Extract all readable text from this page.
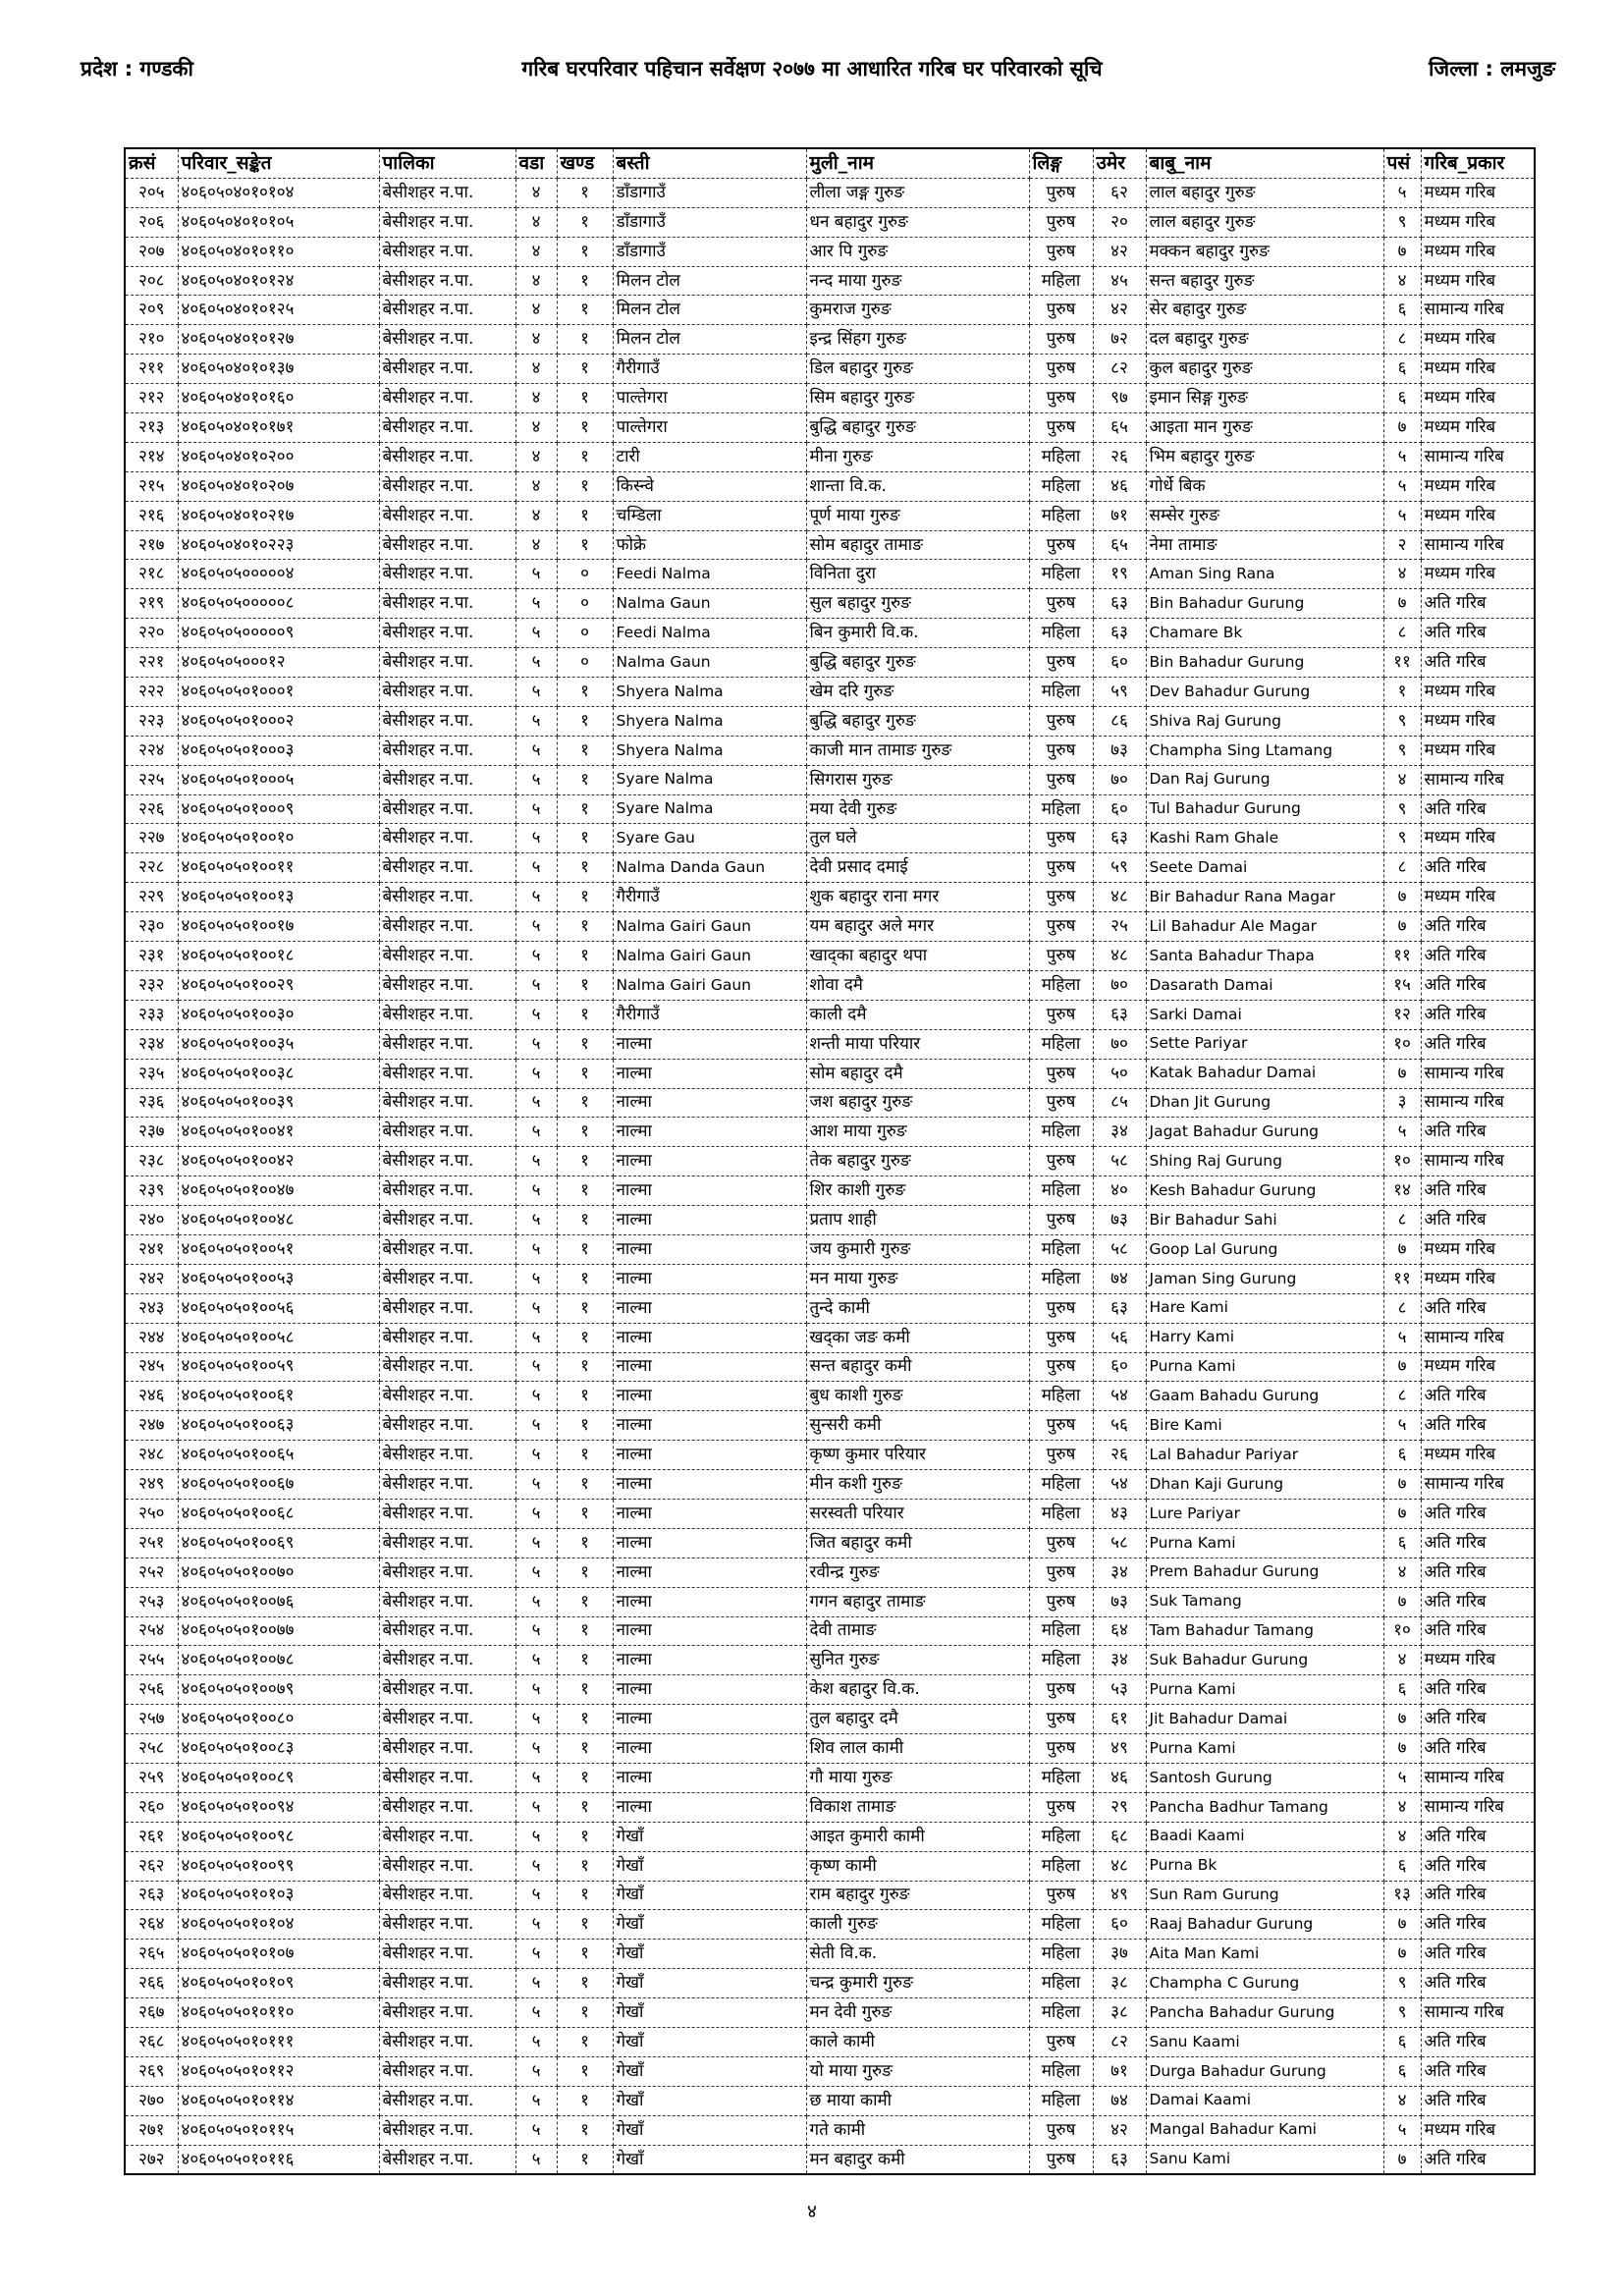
प्रदेश : गण्डकी	गरिब घरपरिवार पहिचान सर्वेक्षण २०७७ मा आधारित गरिब घर परिवारको सूचि	जिल्ला : लमजुङ
क्रसं	परिवार_सङ्केत	पालिका	वडा	खण्ड	बस्ती	मुली_नाम	लिङ्ग	उमेर	बाबु_नाम	पसं	गरिब_प्रकार
२०५	४०६०५०४०१०१०४	बेसीशहर न.पा.	४	१	डाँडागाउँ	लीला जङ्ग गुरुङ	पुरुष	६२	लाल बहादुर गुरुङ	५	मध्यम गरिब
२०६	४०६०५०४०१०१०५	बेसीशहर न.पा.	४	१	डाँडागाउँ	धन बहादुर गुरुङ	पुरुष	२०	लाल बहादुर गुरुङ	९	मध्यम गरिब
२०७	४०६०५०४०१०११०	बेसीशहर न.पा.	४	१	डाँडागाउँ	आर पि गुरुङ	पुरुष	४२	मक्कन बहादुर गुरुङ	७	मध्यम गरिब
२०८	४०६०५०४०१०१२४	बेसीशहर न.पा.	४	१	मिलन टोल	नन्द माया गुरुङ	महिला	४५	सन्त बहादुर गुरुङ	४	मध्यम गरिब
२०९	४०६०५०४०१०१२५	बेसीशहर न.पा.	४	१	मिलन टोल	कुमराज गुरुङ	पुरुष	४२	सेर बहादुर गुरुङ	६	सामान्य गरिब
२१०	४०६०५०४०१०१२७	बेसीशहर न.पा.	४	१	मिलन टोल	इन्द्र सिंहग गुरुङ	पुरुष	७२	दल बहादुर गुरुङ	८	मध्यम गरिब
२११	४०६०५०४०१०१३७	बेसीशहर न.पा.	४	१	गैरीगाउँ	डिल बहादुर गुरुङ	पुरुष	८२	कुल बहादुर गुरुङ	६	मध्यम गरिब
२१२	४०६०५०४०१०१६०	बेसीशहर न.पा.	४	१	पाल्तेगरा	सिम बहादुर गुरुङ	पुरुष	९७	इमान सिङ्ग गुरुङ	६	मध्यम गरिब
२१३	४०६०५०४०१०१७१	बेसीशहर न.पा.	४	१	पाल्तेगरा	बुद्धि बहादुर गुरुङ	पुरुष	६५	आइता मान गुरुङ	७	मध्यम गरिब
२१४	४०६०५०४०१०२००	बेसीशहर न.पा.	४	१	टारी	मीना गुरुङ	महिला	२६	भिम बहादुर गुरुङ	५	सामान्य गरिब
२१५	४०६०५०४०१०२०७	बेसीशहर न.पा.	४	१	किस्न्वे	शान्ता वि.क.	महिला	४६	गोर्धे बिक	५	मध्यम गरिब
२१६	४०६०५०४०१०२१७	बेसीशहर न.पा.	४	१	चम्डिला	पूर्ण माया गुरुङ	महिला	७१	सम्सेर गुरुङ	५	मध्यम गरिब
२१७	४०६०५०४०१०२२३	बेसीशहर न.पा.	४	१	फोक्रे	सोम बहादुर तामाङ	पुरुष	६५	नेमा तामाङ	२	सामान्य गरिब
२१८	४०६०५०५०००००४	बेसीशहर न.पा.	५	०	Feedi Nalma	विनिता दुरा	महिला	१९	Aman Sing Rana	४	मध्यम गरिब
२१९	४०६०५०५०००००८	बेसीशहर न.पा.	५	०	Nalma Gaun	सुल बहादुर गुरुङ	पुरुष	६३	Bin Bahadur Gurung	७	अति गरिब
२२०	४०६०५०५०००००९	बेसीशहर न.पा.	५	०	Feedi Nalma	बिन कुमारी वि.क.	महिला	६३	Chamare Bk	८	अति गरिब
२२१	४०६०५०५०००१२	बेसीशहर न.पा.	५	०	Nalma Gaun	बुद्धि बहादुर गुरुङ	पुरुष	६०	Bin Bahadur Gurung	११	अति गरिब
२२२	४०६०५०५०१०००१	बेसीशहर न.पा.	५	१	Shyera Nalma	खेम दरि गुरुङ	महिला	५९	Dev Bahadur Gurung	१	मध्यम गरिब
२२३	४०६०५०५०१०००२	बेसीशहर न.पा.	५	१	Shyera Nalma	बुद्धि बहादुर गुरुङ	पुरुष	८६	Shiva Raj Gurung	९	मध्यम गरिब
२२४	४०६०५०५०१०००३	बेसीशहर न.पा.	५	१	Shyera Nalma	काजी मान तामाङ गुरुङ	पुरुष	७३	Champha Sing Ltamang	९	मध्यम गरिब
२२५	४०६०५०५०१०००५	बेसीशहर न.पा.	५	१	Syare Nalma	सिगरास गुरुङ	पुरुष	७०	Dan Raj Gurung	४	सामान्य गरिब
२२६	४०६०५०५०१०००९	बेसीशहर न.पा.	५	१	Syare Nalma	मया देवी गुरुङ	महिला	६०	Tul Bahadur Gurung	९	अति गरिब
२२७	४०६०५०५०१००१०	बेसीशहर न.पा.	५	१	Syare Gau	तुल घले	पुरुष	६३	Kashi Ram Ghale	९	मध्यम गरिब
२२८	४०६०५०५०१००११	बेसीशहर न.पा.	५	१	Nalma Danda Gaun	देवी प्रसाद दमाई	पुरुष	५९	Seete Damai	८	अति गरिब
२२९	४०६०५०५०१००१३	बेसीशहर न.पा.	५	१	गैरीगाउँ	शुक बहादुर राना मगर	पुरुष	४८	Bir Bahadur Rana Magar	७	मध्यम गरिब
२३०	४०६०५०५०१००१७	बेसीशहर न.पा.	५	१	Nalma Gairi Gaun	यम बहादुर अले मगर	पुरुष	२५	Lil Bahadur Ale Magar	७	अति गरिब
२३१	४०६०५०५०१००१८	बेसीशहर न.पा.	५	१	Nalma Gairi Gaun	खाद्का बहादुर थपा	पुरुष	४८	Santa Bahadur Thapa	११	अति गरिब
२३२	४०६०५०५०१००२९	बेसीशहर न.पा.	५	१	Nalma Gairi Gaun	शोवा दमै	महिला	७०	Dasarath Damai	१५	अति गरिब
२३३	४०६०५०५०१००३०	बेसीशहर न.पा.	५	१	गैरीगाउँ	काली दमै	पुरुष	६३	Sarki Damai	१२	अति गरिब
२३४	४०६०५०५०१००३५	बेसीशहर न.पा.	५	१	नाल्मा	शन्ती माया परियार	महिला	७०	Sette Pariyar	१०	अति गरिब
२३५	४०६०५०५०१००३८	बेसीशहर न.पा.	५	१	नाल्मा	सोम बहादुर दमै	पुरुष	५०	Katak Bahadur Damai	७	सामान्य गरिब
२३६	४०६०५०५०१००३९	बेसीशहर न.पा.	५	१	नाल्मा	जश बहादुर गुरुङ	पुरुष	८५	Dhan Jit Gurung	३	सामान्य गरिब
२३७	४०६०५०५०१००४१	बेसीशहर न.पा.	५	१	नाल्मा	आश माया गुरुङ	महिला	३४	Jagat Bahadur Gurung	५	अति गरिब
२३८	४०६०५०५०१००४२	बेसीशहर न.पा.	५	१	नाल्मा	तेक बहादुर गुरुङ	पुरुष	५८	Shing Raj Gurung	१०	सामान्य गरिब
२३९	४०६०५०५०१००४७	बेसीशहर न.पा.	५	१	नाल्मा	शिर काशी गुरुङ	महिला	४०	Kesh Bahadur Gurung	१४	अति गरिब
२४०	४०६०५०५०१००४८	बेसीशहर न.पा.	५	१	नाल्मा	प्रताप शाही	पुरुष	७३	Bir Bahadur Sahi	८	अति गरिब
२४१	४०६०५०५०१००५१	बेसीशहर न.पा.	५	१	नाल्मा	जय कुमारी गुरुङ	महिला	५८	Goop Lal Gurung	७	मध्यम गरिब
२४२	४०६०५०५०१००५३	बेसीशहर न.पा.	५	१	नाल्मा	मन माया गुरुङ	महिला	७४	Jaman Sing Gurung	११	मध्यम गरिब
२४३	४०६०५०५०१००५६	बेसीशहर न.पा.	५	१	नाल्मा	तुन्दे कामी	पुरुष	६३	Hare Kami	८	अति गरिब
२४४	४०६०५०५०१००५८	बेसीशहर न.पा.	५	१	नाल्मा	खद्का जङ कमी	पुरुष	५६	Harry Kami	५	सामान्य गरिब
२४५	४०६०५०५०१००५९	बेसीशहर न.पा.	५	१	नाल्मा	सन्त बहादुर कमी	पुरुष	६०	Purna Kami	७	मध्यम गरिब
२४६	४०६०५०५०१००६१	बेसीशहर न.पा.	५	१	नाल्मा	बुध काशी गुरुङ	महिला	५४	Gaam Bahadu Gurung	८	अति गरिब
२४७	४०६०५०५०१००६३	बेसीशहर न.पा.	५	१	नाल्मा	सुन्सरी कमी	पुरुष	५६	Bire Kami	५	अति गरिब
२४८	४०६०५०५०१००६५	बेसीशहर न.पा.	५	१	नाल्मा	कृष्ण कुमार परियार	पुरुष	२६	Lal Bahadur Pariyar	६	मध्यम गरिब
२४९	४०६०५०५०१००६७	बेसीशहर न.पा.	५	१	नाल्मा	मीन कशी गुरुङ	महिला	५४	Dhan Kaji Gurung	७	सामान्य गरिब
२५०	४०६०५०५०१००६८	बेसीशहर न.पा.	५	१	नाल्मा	सरस्वती परियार	महिला	४३	Lure Pariyar	७	अति गरिब
२५१	४०६०५०५०१००६९	बेसीशहर न.पा.	५	१	नाल्मा	जित बहादुर कमी	पुरुष	५८	Purna Kami	६	अति गरिब
२५२	४०६०५०५०१००७०	बेसीशहर न.पा.	५	१	नाल्मा	रवीन्द्र गुरुङ	पुरुष	३४	Prem Bahadur Gurung	४	अति गरिब
२५३	४०६०५०५०१००७६	बेसीशहर न.पा.	५	१	नाल्मा	गगन बहादुर तामाङ	पुरुष	७३	Suk Tamang	७	अति गरिब
२५४	४०६०५०५०१००७७	बेसीशहर न.पा.	५	१	नाल्मा	देवी तामाङ	महिला	६४	Tam Bahadur Tamang	१०	अति गरिब
२५५	४०६०५०५०१००७८	बेसीशहर न.पा.	५	१	नाल्मा	सुनित गुरुङ	महिला	३४	Suk Bahadur Gurung	४	मध्यम गरिब
२५६	४०६०५०५०१००७९	बेसीशहर न.पा.	५	१	नाल्मा	केश बहादुर वि.क.	पुरुष	५३	Purna Kami	६	अति गरिब
२५७	४०६०५०५०१००८०	बेसीशहर न.पा.	५	१	नाल्मा	तुल बहादुर दमै	पुरुष	६१	Jit Bahadur Damai	७	अति गरिब
२५८	४०६०५०५०१००८३	बेसीशहर न.पा.	५	१	नाल्मा	शिव लाल कामी	पुरुष	४९	Purna Kami	७	अति गरिब
२५९	४०६०५०५०१००८९	बेसीशहर न.पा.	५	१	नाल्मा	गौ माया गुरुङ	महिला	४६	Santosh Gurung	५	सामान्य गरिब
२६०	४०६०५०५०१००९४	बेसीशहर न.पा.	५	१	नाल्मा	विकाश तामाङ	पुरुष	२९	Pancha Badhur Tamang	४	सामान्य गरिब
२६१	४०६०५०५०१००९८	बेसीशहर न.पा.	५	१	गेखाँ	आइत कुमारी कामी	महिला	६८	Baadi Kaami	४	अति गरिब
२६२	४०६०५०५०१००९९	बेसीशहर न.पा.	५	१	गेखाँ	कृष्ण कामी	महिला	४८	Purna Bk	६	अति गरिब
२६३	४०६०५०५०१०१०३	बेसीशहर न.पा.	५	१	गेखाँ	राम बहादुर गुरुङ	पुरुष	४९	Sun Ram Gurung	१३	अति गरिब
२६४	४०६०५०५०१०१०४	बेसीशहर न.पा.	५	१	गेखाँ	काली गुरुङ	महिला	६०	Raaj Bahadur Gurung	७	अति गरिब
२६५	४०६०५०५०१०१०७	बेसीशहर न.पा.	५	१	गेखाँ	सेती वि.क.	महिला	३७	Aita Man Kami	७	अति गरिब
२६६	४०६०५०५०१०१०९	बेसीशहर न.पा.	५	१	गेखाँ	चन्द्र कुमारी गुरुङ	महिला	३८	Champha C Gurung	९	अति गरिब
२६७	४०६०५०५०१०११०	बेसीशहर न.पा.	५	१	गेखाँ	मन देवी गुरुङ	महिला	३८	Pancha Bahadur Gurung	९	सामान्य गरिब
२६८	४०६०५०५०१०१११	बेसीशहर न.पा.	५	१	गेखाँ	काले कामी	पुरुष	८२	Sanu Kaami	६	अति गरिब
२६९	४०६०५०५०१०११२	बेसीशहर न.पा.	५	१	गेखाँ	यो माया गुरुङ	महिला	७१	Durga Bahadur Gurung	६	अति गरिब
२७०	४०६०५०५०१०११४	बेसीशहर न.पा.	५	१	गेखाँ	छ माया कामी	महिला	७४	Damai Kaami	४	अति गरिब
२७१	४०६०५०५०१०११५	बेसीशहर न.पा.	५	१	गेखाँ	गते कामी	पुरुष	४२	Mangal Bahadur Kami	५	मध्यम गरिब
२७२	४०६०५०५०१०११६	बेसीशहर न.पा.	५	१	गेखाँ	मन बहादुर कमी	पुरुष	६३	Sanu Kami	७	अति गरिब
४
